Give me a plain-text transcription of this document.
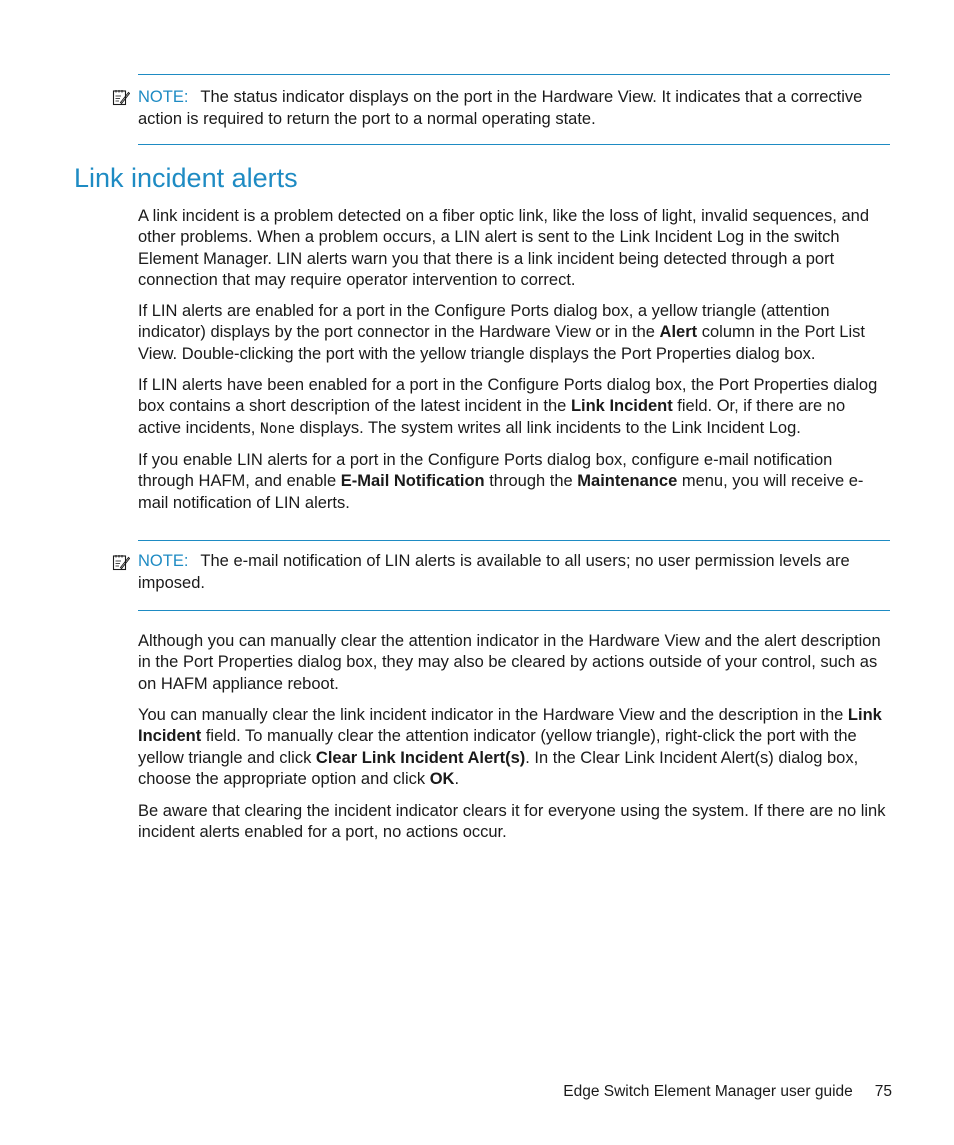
NOTE: The status indicator displays on the port in the Hardware View. It indicates that a corrective action is required to return the port to a normal operating state.

Link incident alerts

A link incident is a problem detected on a fiber optic link, like the loss of light, invalid sequences, and other problems. When a problem occurs, a LIN alert is sent to the Link Incident Log in the switch Element Manager. LIN alerts warn you that there is a link incident being detected through a port connection that may require operator intervention to correct.

If LIN alerts are enabled for a port in the Configure Ports dialog box, a yellow triangle (attention indicator) displays by the port connector in the Hardware View or in the Alert column in the Port List View. Double-clicking the port with the yellow triangle displays the Port Properties dialog box.

If LIN alerts have been enabled for a port in the Configure Ports dialog box, the Port Properties dialog box contains a short description of the latest incident in the Link Incident field. Or, if there are no active incidents, None displays. The system writes all link incidents to the Link Incident Log.

If you enable LIN alerts for a port in the Configure Ports dialog box, configure e-mail notification through HAFM, and enable E-Mail Notification through the Maintenance menu, you will receive e-mail notification of LIN alerts.

NOTE: The e-mail notification of LIN alerts is available to all users; no user permission levels are imposed.

Although you can manually clear the attention indicator in the Hardware View and the alert description in the Port Properties dialog box, they may also be cleared by actions outside of your control, such as on HAFM appliance reboot.

You can manually clear the link incident indicator in the Hardware View and the description in the Link Incident field. To manually clear the attention indicator (yellow triangle), right-click the port with the yellow triangle and click Clear Link Incident Alert(s). In the Clear Link Incident Alert(s) dialog box, choose the appropriate option and click OK.

Be aware that clearing the incident indicator clears it for everyone using the system. If there are no link incident alerts enabled for a port, no actions occur.

Edge Switch Element Manager user guide 75
